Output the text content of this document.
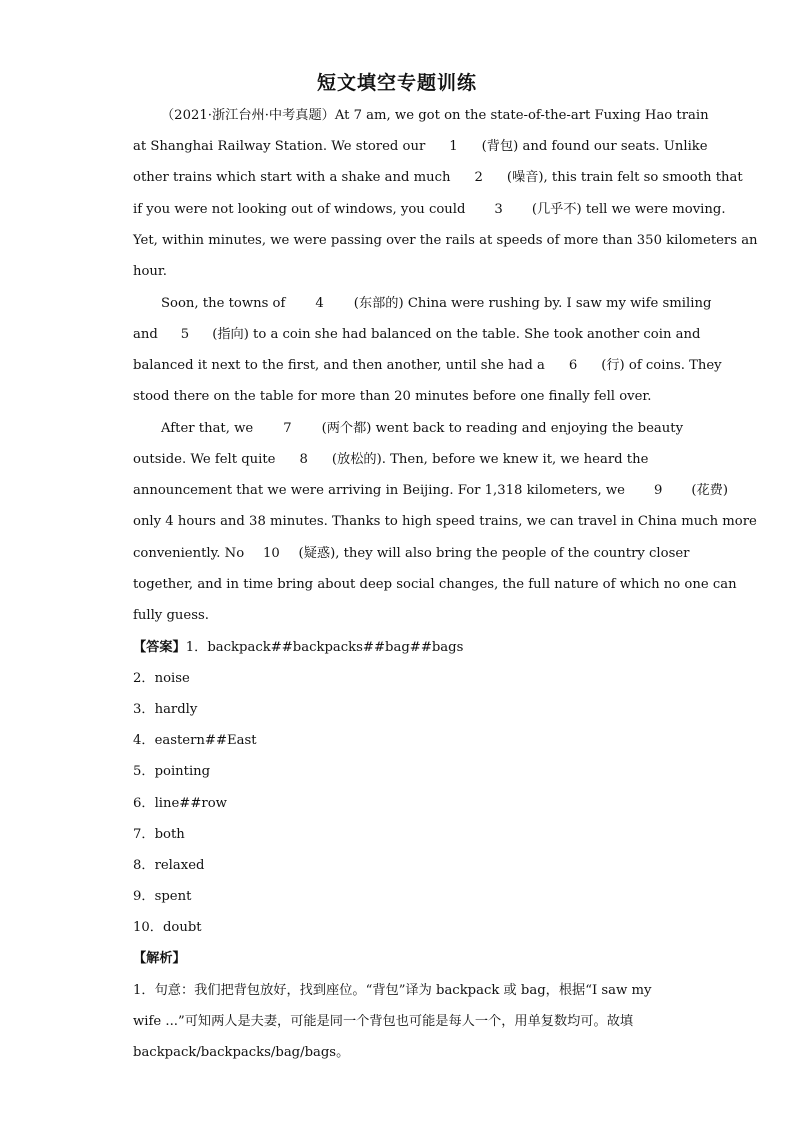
短文填空专题训练
（2021·浙江台州·中考真题）At 7 am, we got on the state-of-the-art Fuxing Hao train
at Shanghai Railway Station. We stored our 1 (背包) and found our seats. Unlike
other trains which start with a shake and much 2 (噪音), this train felt so smooth that
if you were not looking out of windows, you could 3 (几乎不) tell we were moving.
Yet, within minutes, we were passing over the rails at speeds of more than 350 kilometers an
hour.
Soon, the towns of 4 (东部的) China were rushing by. I saw my wife smiling
and 5 (指向) to a coin she had balanced on the table. She took another coin and
balanced it next to the first, and then another, until she had a 6 (行) of coins. They
stood there on the table for more than 20 minutes before one finally fell over.
After that, we 7 (两个都) went back to reading and enjoying the beauty
outside. We felt quite 8 (放松的). Then, before we knew it, we heard the
announcement that we were arriving in Beijing. For 1,318 kilometers, we 9 (花费)
only 4 hours and 38 minutes. Thanks to high speed trains, we can travel in China much more
conveniently. No 10 (疑惑), they will also bring the people of the country closer
together, and in time bring about deep social changes, the full nature of which no one can
fully guess.
【答案】1．backpack##backpacks##bag##bags
2．noise
3．hardly
4．eastern##East
5．pointing
6．line##row
7．both
8．relaxed
9．spent
10．doubt
【解析】
1．句意：我们把背包放好，找到座位。“背包”译为 backpack 或 bag，根据“I saw my
wife ...”可知两人是夫妻，可能是同一个背包也可能是每人一个，用单复数均可。故填
backpack/backpacks/bag/bags。
